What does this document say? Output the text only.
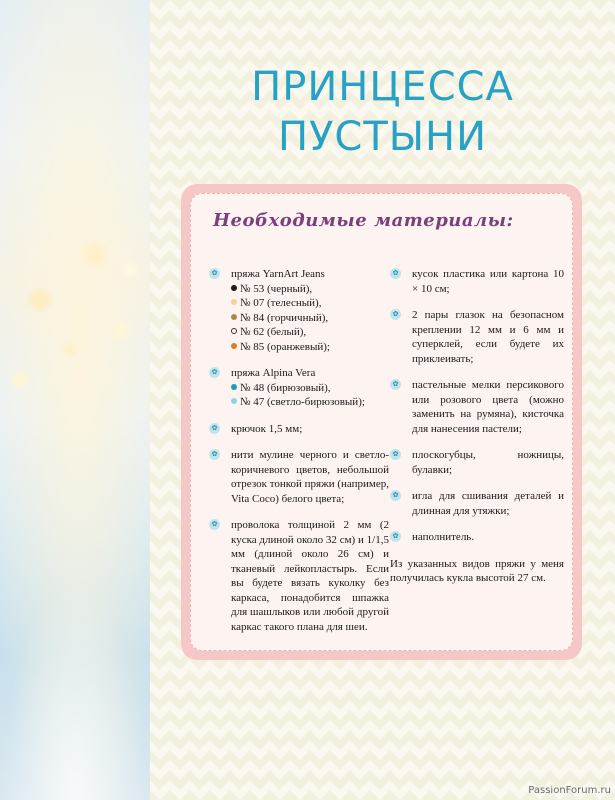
ПРИНЦЕССА
ПУСТЫНИ
Необходимые материалы:
✿ пряжа YarnArt Jeans
№ 53 (черный),
№ 07 (телесный),
№ 84 (горчичный),
№ 62 (белый),
№ 85 (оранжевый);
✿ пряжа Alpina Vera
№ 48 (бирюзовый),
№ 47 (светло-бирюзовый);
✿ крючок 1,5 мм;
✿ нити мулине черного и светло-коричневого цветов, небольшой отрезок тонкой пряжи (например, Vita Coco) белого цвета;
✿ проволока толщиной 2 мм (2 куска длиной около 32 см) и 1/1,5 мм (длиной около 26 см) и тканевый лейкопластырь. Если вы будете вязать куколку без каркаса, понадобится шпажка для шашлыков или любой другой каркас такого плана для шеи.
✿ кусок пластика или картона 10 × 10 см;
✿ 2 пары глазок на безопасном креплении 12 мм и 6 мм и суперклей, если будете их приклеивать;
✿ пастельные мелки персикового или розового цвета (можно заменить на румяна), кисточка для нанесения пастели;
✿ плоскогубцы, ножницы, булавки;
✿ игла для сшивания деталей и длинная для утяжки;
✿ наполнитель.
Из указанных видов пряжи у меня получилась кукла высотой 27 см.
PassionForum.ru
